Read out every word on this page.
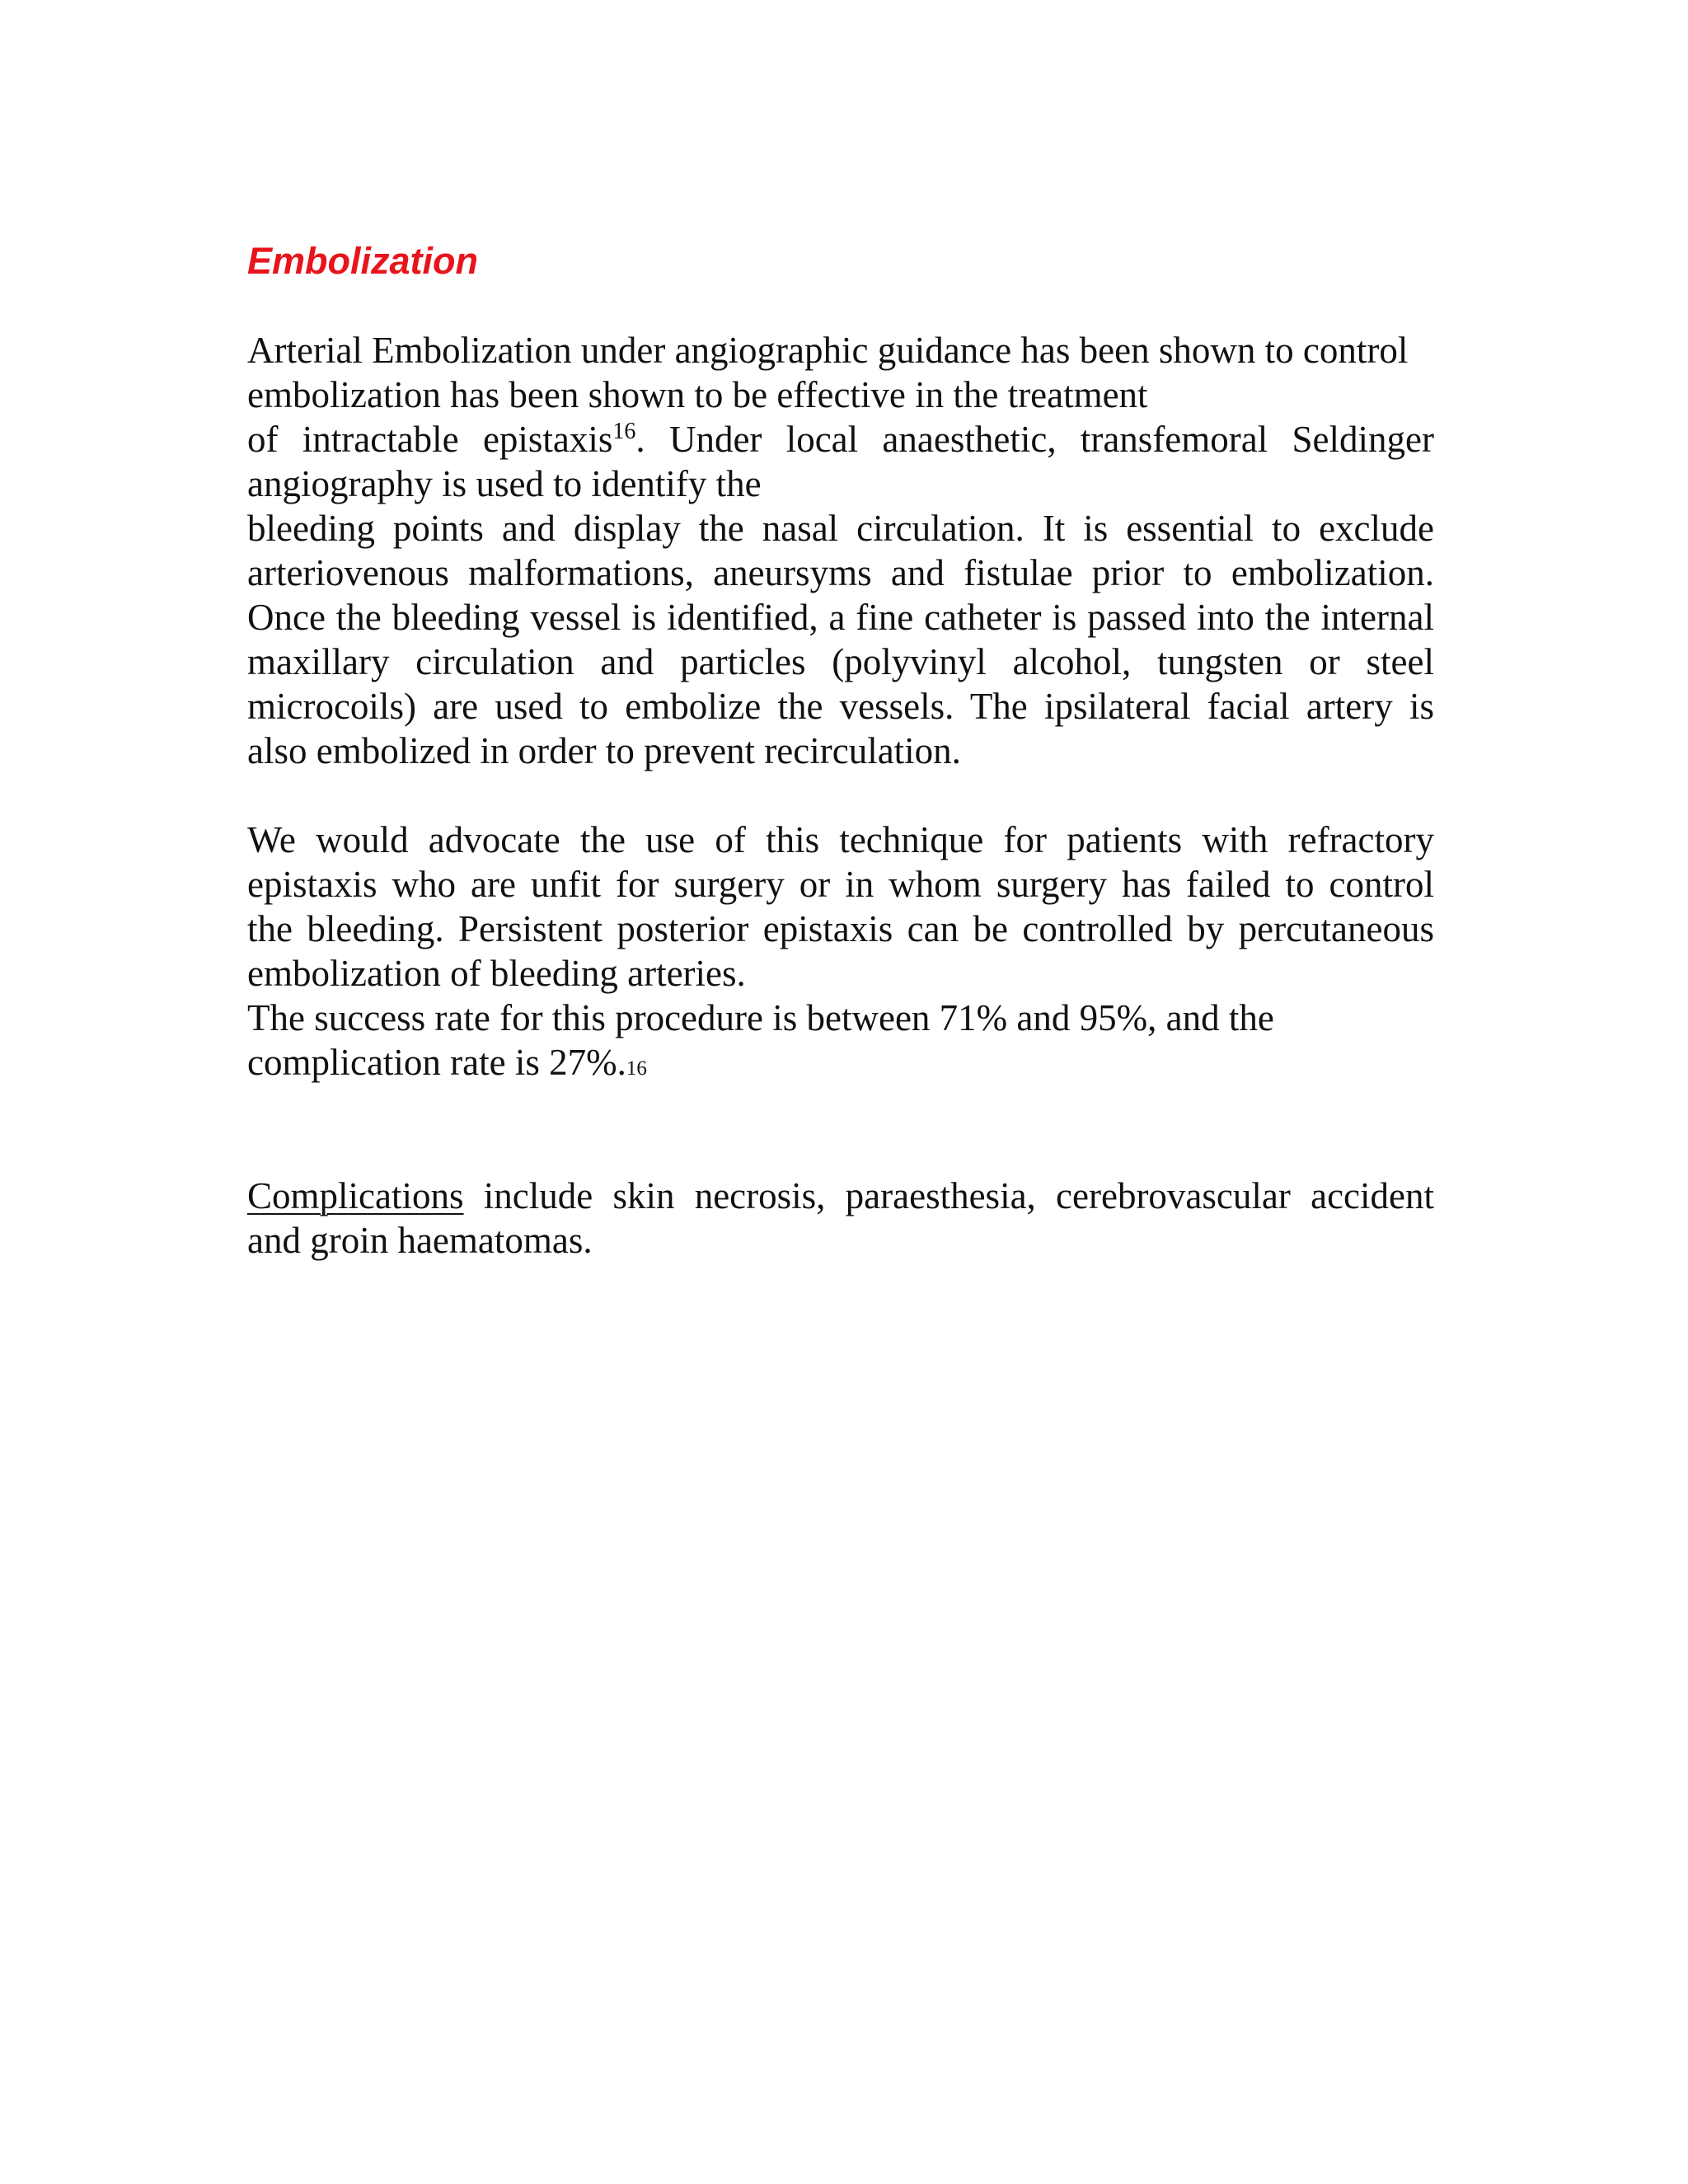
Embolization
Arterial Embolization under angiographic guidance has been shown to control
embolization has been shown to be effective in the treatment
of intractable epistaxis$^{16}$. Under local anaesthetic, transfemoral Seldinger
angiography is used to identify the
bleeding points and display the nasal circulation. It is essential to exclude
arteriovenous malformations, aneursyms and fistulae prior to embolization.
Once the bleeding vessel is identified, a fine catheter is passed into the internal
maxillary circulation and particles (polyvinyl alcohol, tungsten or steel
microcoils) are used to embolize the vessels. The ipsilateral facial artery is
also embolized in order to prevent recirculation.
We would advocate the use of this technique for patients with refractory
epistaxis who are unfit for surgery or in whom surgery has failed to control
the bleeding. Persistent posterior epistaxis can be controlled by percutaneous
embolization of bleeding arteries.
The success rate for this procedure is between 71% and 95%, and the
complication rate is 27%.16
Complications include skin necrosis, paraesthesia, cerebrovascular accident
and groin haematomas.
